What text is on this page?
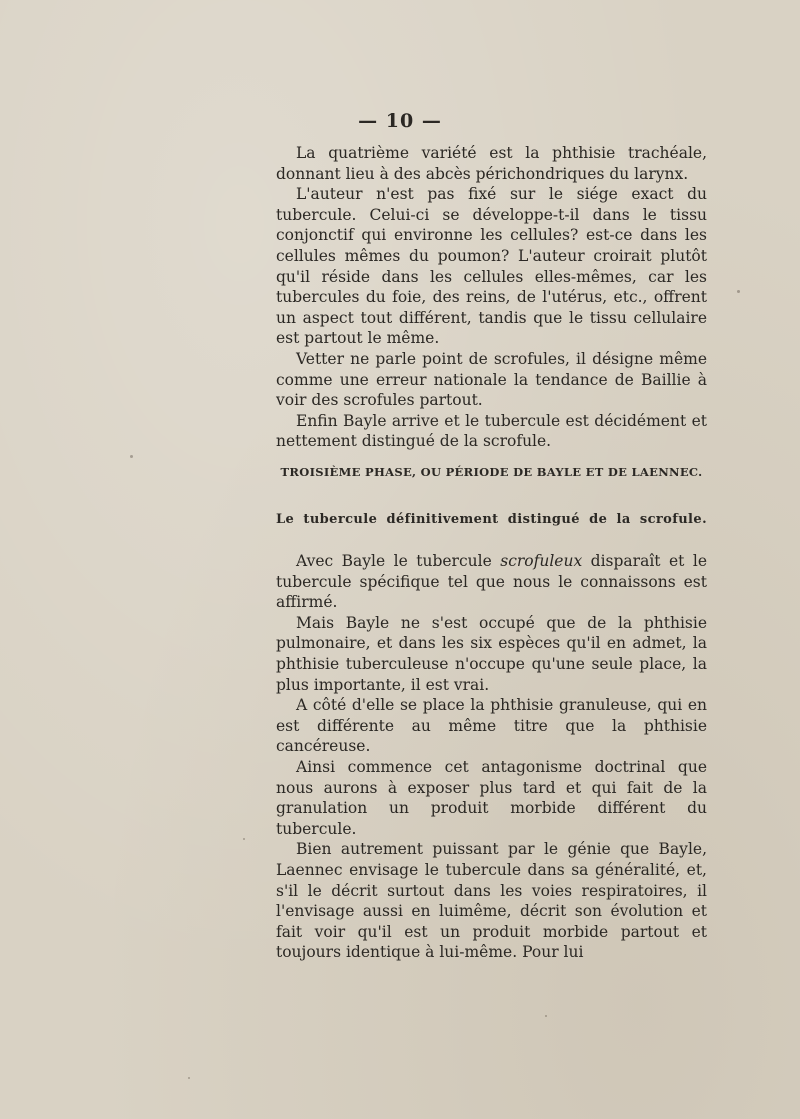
— 10 —

La quatrième variété est la phthisie trachéale, donnant lieu à des abcès périchondriques du larynx.

L'auteur n'est pas fixé sur le siége exact du tubercule. Celui-ci se développe-t-il dans le tissu conjonctif qui environne les cellules? est-ce dans les cellules mêmes du poumon? L'auteur croirait plutôt qu'il réside dans les cellules elles-mêmes, car les tubercules du foie, des reins, de l'utérus, etc., offrent un aspect tout différent, tandis que le tissu cellulaire est partout le même.

Vetter ne parle point de scrofules, il désigne même comme une erreur nationale la tendance de Baillie à voir des scrofules partout.

Enfin Bayle arrive et le tubercule est décidément et nettement distingué de la scrofule.

TROISIÈME PHASE, OU PÉRIODE DE BAYLE ET DE LAENNEC.
Le tubercule définitivement distingué de la scrofule.

Avec Bayle le tubercule scrofuleux disparaît et le tubercule spécifique tel que nous le connaissons est affirmé.

Mais Bayle ne s'est occupé que de la phthisie pulmonaire, et dans les six espèces qu'il en admet, la phthisie tuberculeuse n'occupe qu'une seule place, la plus importante, il est vrai.

A côté d'elle se place la phthisie granuleuse, qui en est différente au même titre que la phthisie cancéreuse.

Ainsi commence cet antagonisme doctrinal que nous aurons à exposer plus tard et qui fait de la granulation un produit morbide différent du tubercule.

Bien autrement puissant par le génie que Bayle, Laennec envisage le tubercule dans sa généralité, et, s'il le décrit surtout dans les voies respiratoires, il l'envisage aussi en luimême, décrit son évolution et fait voir qu'il est un produit morbide partout et toujours identique à lui-même. Pour lui
